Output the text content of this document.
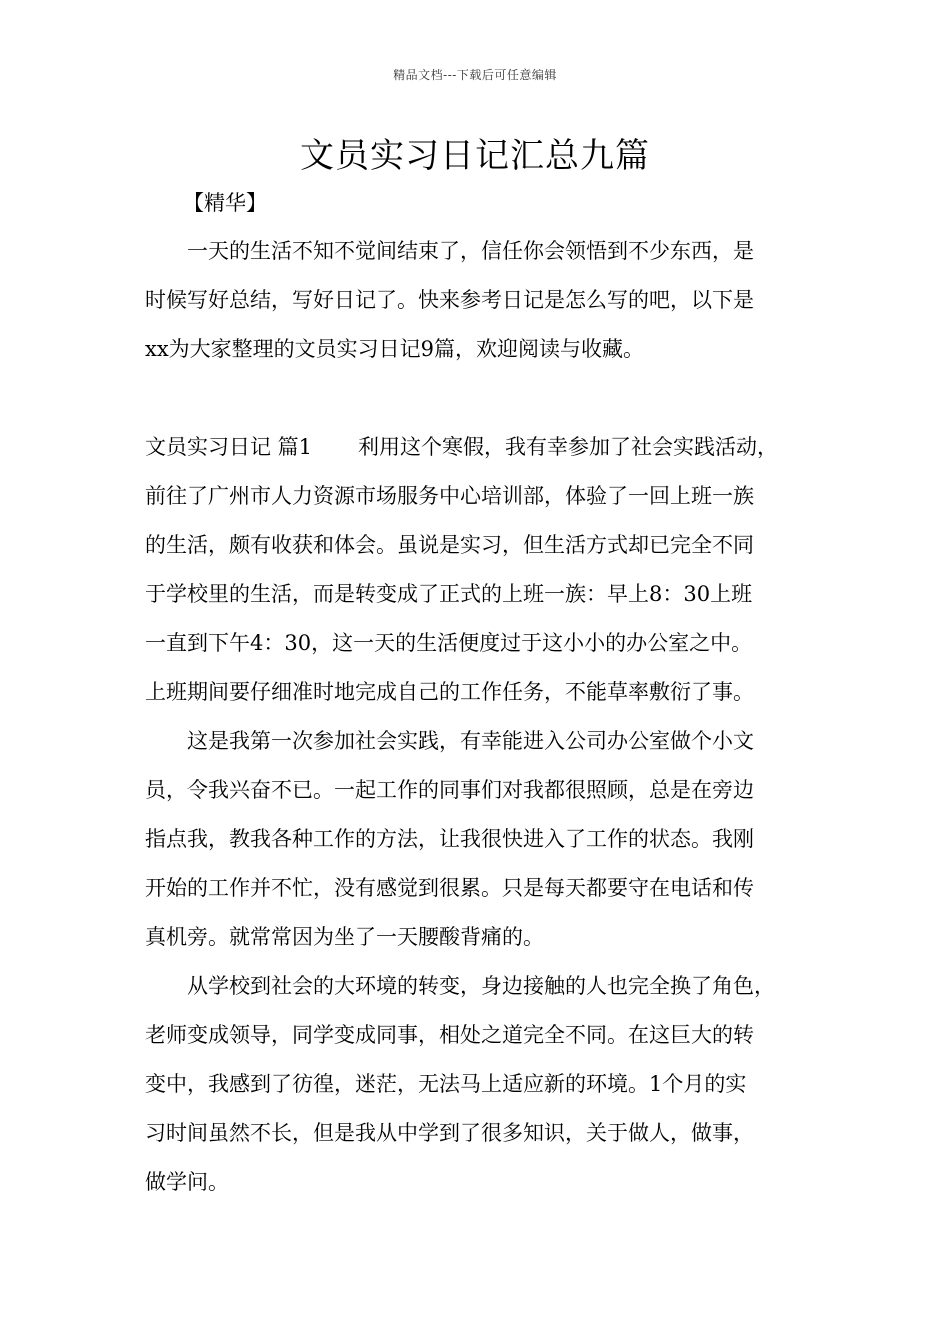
精品文档---下载后可任意编辑
文员实习日记汇总九篇
【精华】
一天的生活不知不觉间结束了，信任你会领悟到不少东西，是
时候写好总结，写好日记了。快来参考日记是怎么写的吧，以下是
xx为大家整理的文员实习日记9篇，欢迎阅读与收藏。
文员实习日记 篇1 利用这个寒假，我有幸参加了社会实践活动，
前往了广州市人力资源市场服务中心培训部，体验了一回上班一族
的生活，颇有收获和体会。虽说是实习，但生活方式却已完全不同
于学校里的生活，而是转变成了正式的上班一族：早上8：30上班
一直到下午4：30，这一天的生活便度过于这小小的办公室之中。
上班期间要仔细准时地完成自己的工作任务，不能草率敷衍了事。
这是我第一次参加社会实践，有幸能进入公司办公室做个小文
员，令我兴奋不已。一起工作的同事们对我都很照顾，总是在旁边
指点我，教我各种工作的方法，让我很快进入了工作的状态。我刚
开始的工作并不忙，没有感觉到很累。只是每天都要守在电话和传
真机旁。就常常因为坐了一天腰酸背痛的。
从学校到社会的大环境的转变，身边接触的人也完全换了角色，
老师变成领导，同学变成同事，相处之道完全不同。在这巨大的转
变中，我感到了彷徨，迷茫，无法马上适应新的环境。1个月的实
习时间虽然不长，但是我从中学到了很多知识，关于做人，做事，
做学问。
